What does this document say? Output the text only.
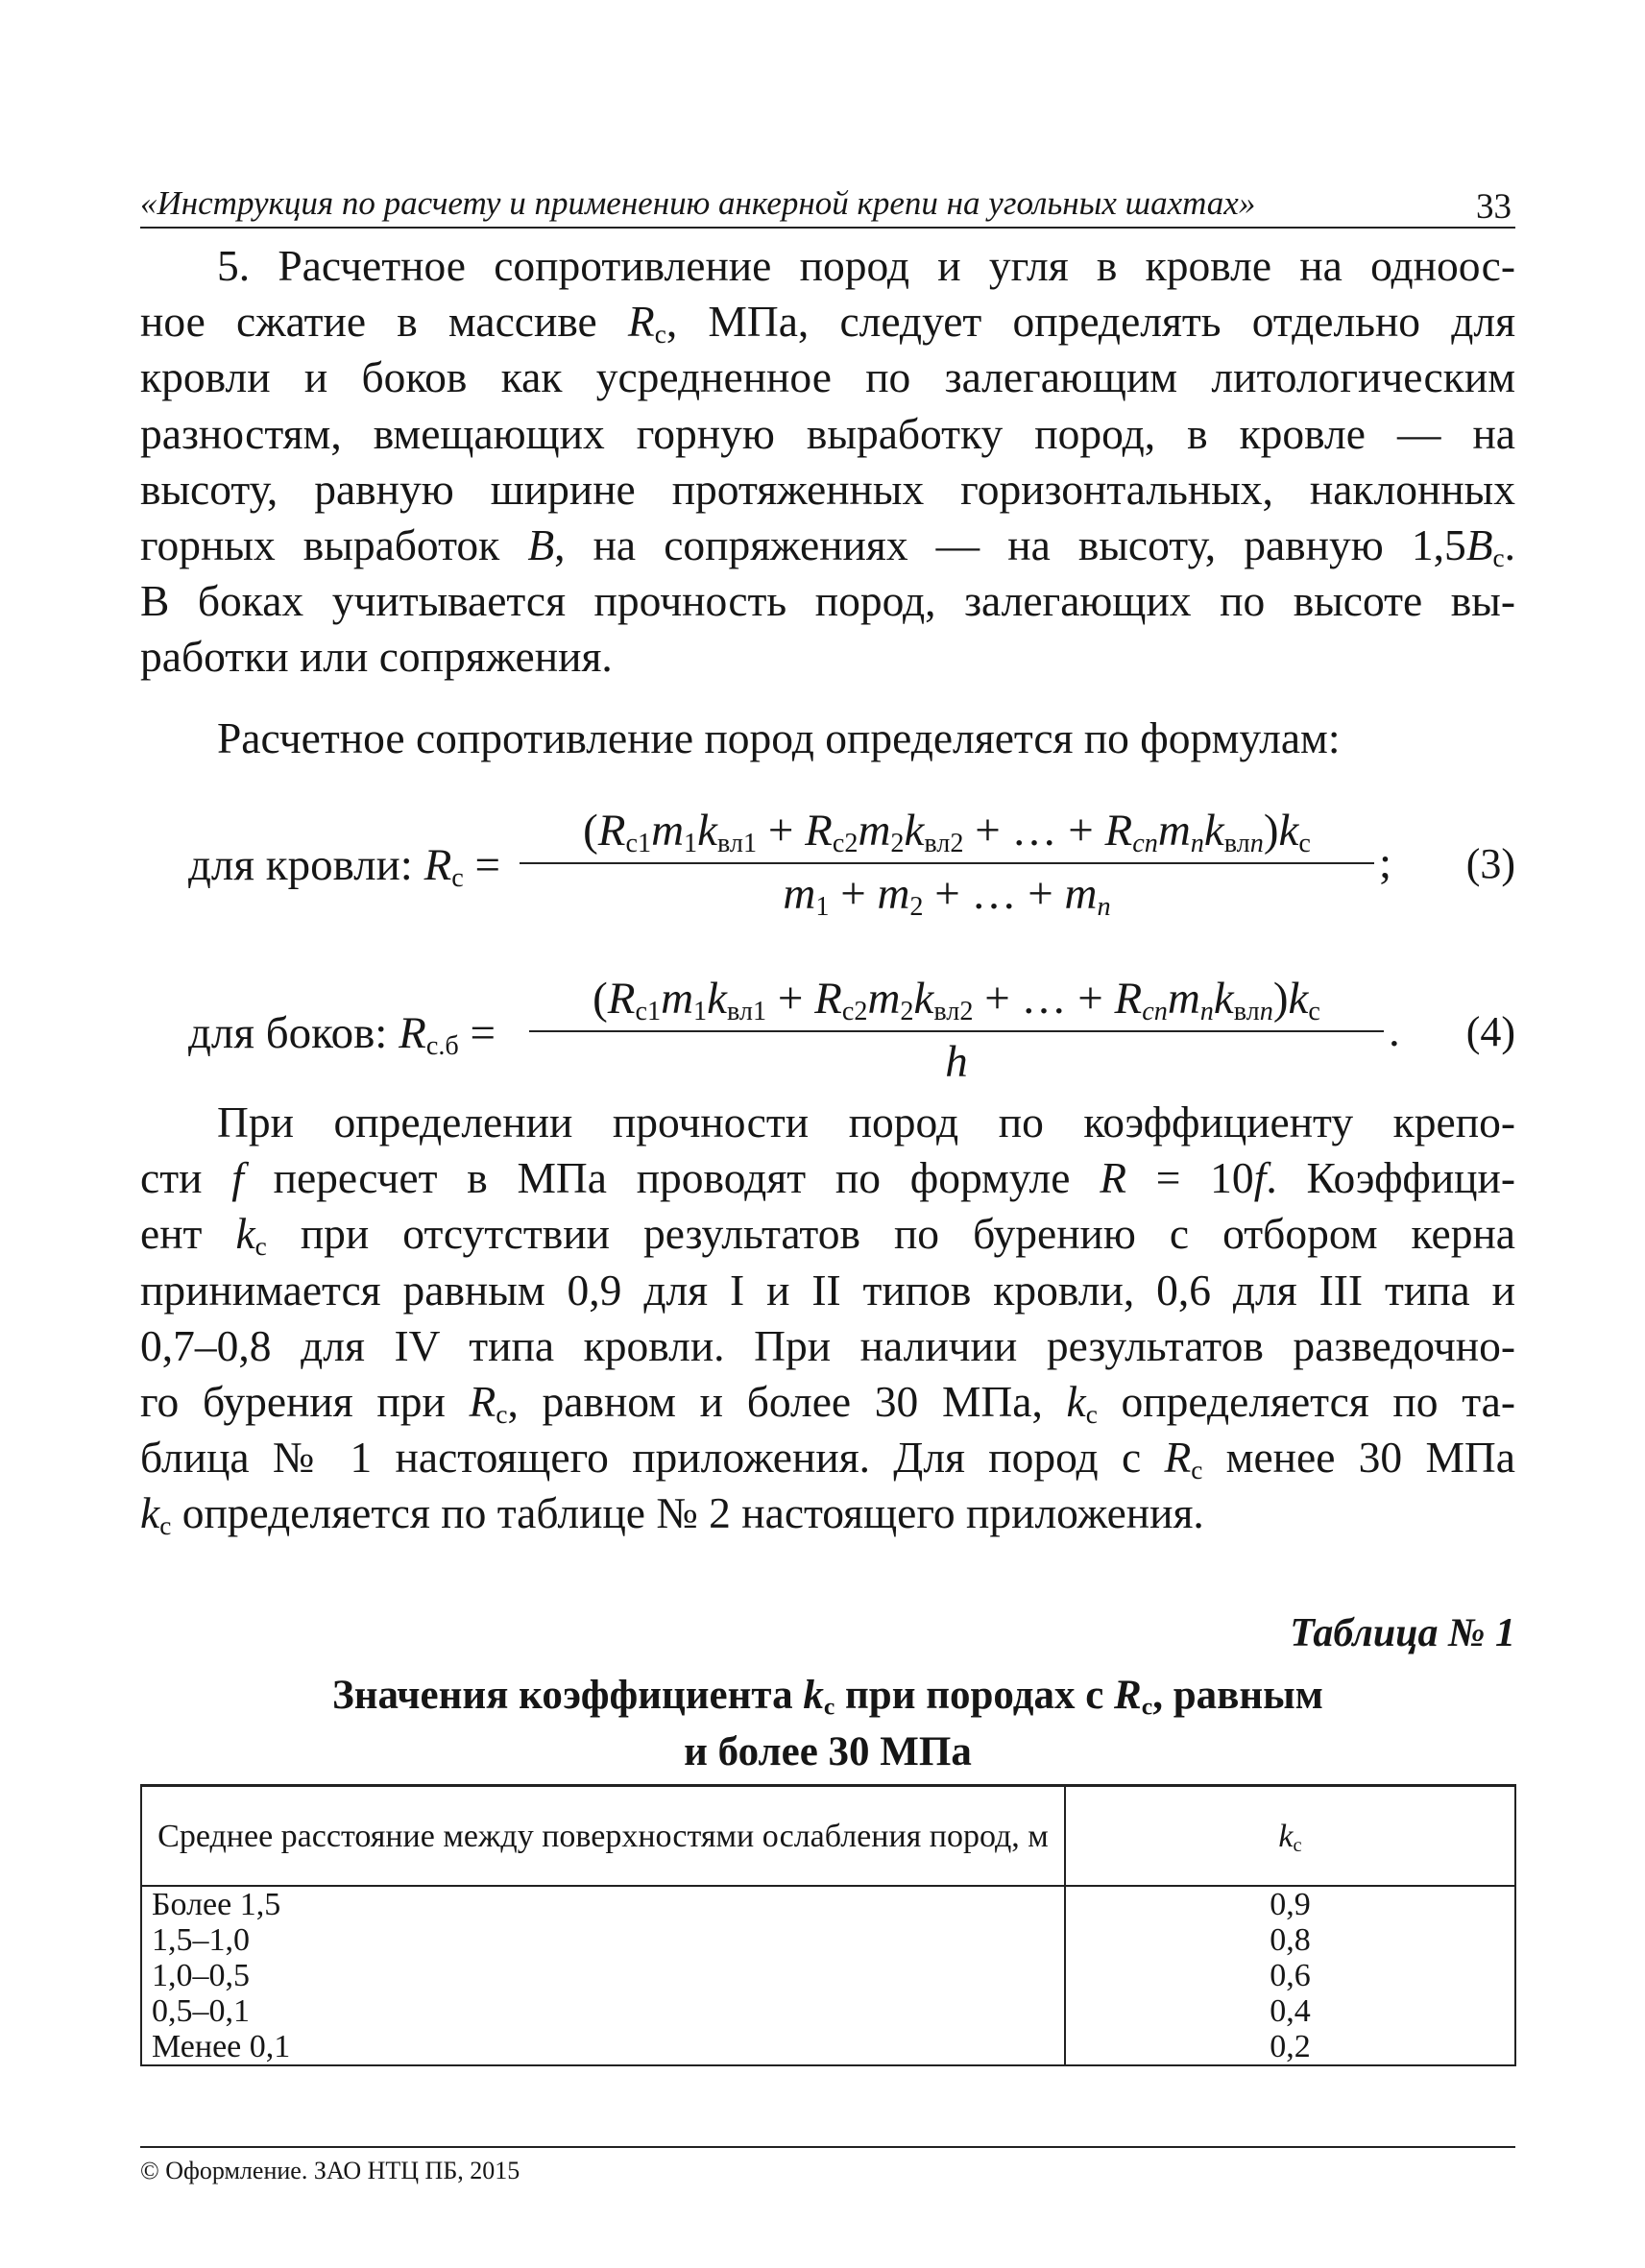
«Инструкция по расчету и применению анкерной крепи на угольных шахтах»	33
5. Расчетное сопротивление пород и угля в кровле на одноос-
ное сжатие в массиве $R_с$, МПа, следует определять отдельно для
кровли и боков как усредненное по залегающим литологическим
разностям, вмещающих горную выработку пород, в кровле — на
высоту, равную ширине протяженных горизонтальных, наклонных
горных выработок B, на сопряжениях — на высоту, равную $1,5B_с$.
В боках учитывается прочность пород, залегающих по высоте вы-
работки или сопряжения.
Расчетное сопротивление пород определяется по формулам:
для кровли: $R_с$ =
($R_{с1}m_1k_{вл1} + R_{с2}m_2k_{вл2}$ + … + $R_{сn}m_nk_{влn})k_с$
$m_1 + m_2$ + … + $m_n$
; (3)
для боков: $R_{с.б}$ =
($R_{с1}m_1k_{вл1} + R_{с2}m_2k_{вл2}$ + … + $R_{сn}m_nk_{влn})k_с$
h
. (4)
При определении прочности пород по коэффициенту крепо-
сти f пересчет в МПа проводят по формуле R = 10f. Коэффици-
ент $k_с$ при отсутствии результатов по бурению с отбором керна
принимается равным 0,9 для I и II типов кровли, 0,6 для III типа и
0,7–0,8 для IV типа кровли. При наличии результатов разведочно-
го бурения при $R_с$, равном и более 30 МПа, $k_с$ определяется по та-
блица № 1 настоящего приложения. Для пород с $R_с$ менее 30 МПа
$k_с$ определяется по таблице № 2 настоящего приложения.
Таблица № 1
Значения коэффициента $k_с$ при породах с $R_с$, равным
и более 30 МПа
Среднее расстояние между поверхностями ослабления пород, м	$k_с$
Более 1,5	0,9
1,5–1,0	0,8
1,0–0,5	0,6
0,5–0,1	0,4
Менее 0,1	0,2
© Оформление. ЗАО НТЦ ПБ, 2015
